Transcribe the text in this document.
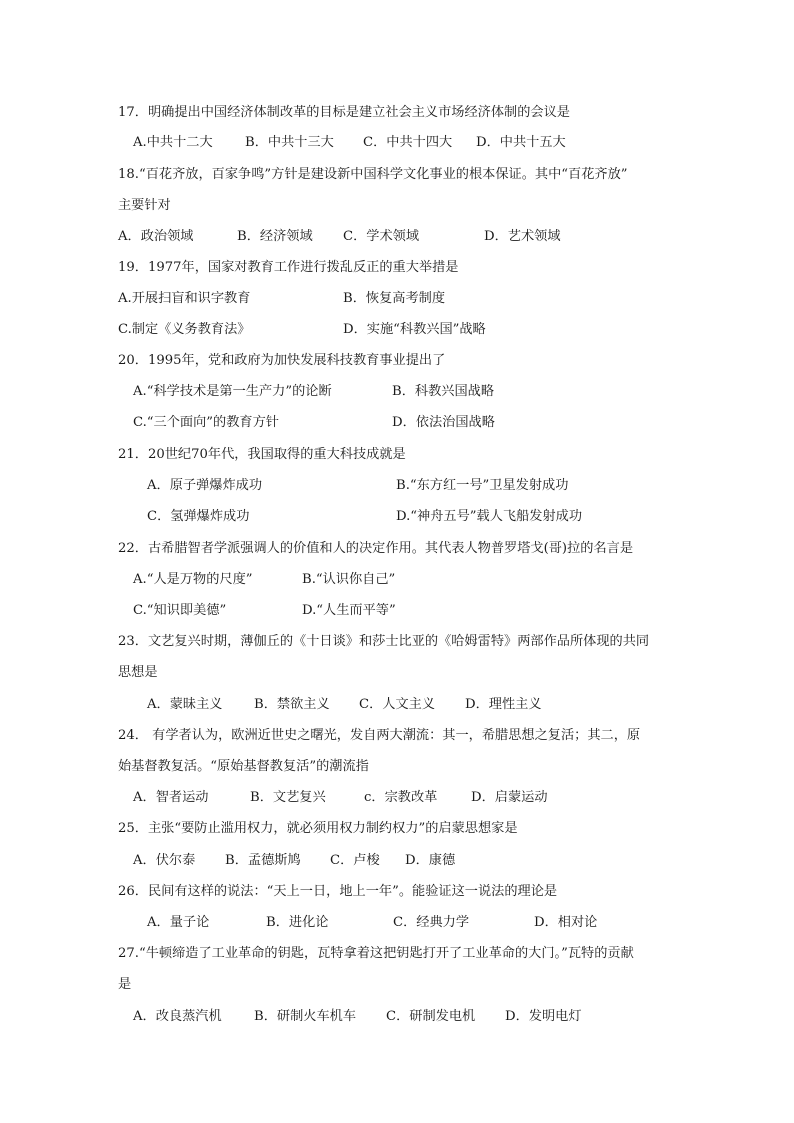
17．明确提出中国经济体制改革的目标是建立社会主义市场经济体制的会议是
A.中共十二大 B．中共十三大 C．中共十四大 D．中共十五大
18.“百花齐放，百家争鸣”方针是建设新中国科学文化事业的根本保证。其中“百花齐放”
主要针对
A．政治领域	B．经济领域 C．学术领域	D．艺术领域
19．1977年，国家对教育工作进行拨乱反正的重大举措是
A.开展扫盲和识字教育	B．恢复高考制度
C.制定《义务教育法》	D．实施“科教兴国”战略
20．1995年，党和政府为加快发展科技教育事业提出了
A.“科学技术是第一生产力”的论断	B．科教兴国战略
C.“三个面向”的教育方针	D．依法治国战略
21．20世纪70年代，我国取得的重大科技成就是
A．原子弹爆炸成功	B.“东方红一号”卫星发射成功
C．氢弹爆炸成功	D.“神舟五号”载人飞船发射成功
22．古希腊智者学派强调人的价值和人的决定作用。其代表人物普罗塔戈(哥)拉的名言是
A.“人是万物的尺度”	B.“认识你自己”
C.“知识即美德”	D.“人生而平等”
23．文艺复兴时期，薄伽丘的《十日谈》和莎士比亚的《哈姆雷特》两部作品所体现的共同
思想是
A．蒙昧主义 B．禁欲主义 C．人文主义 D．理性主义
24． 有学者认为，欧洲近世史之曙光，发自两大潮流：其一，希腊思想之复活；其二，原
始基督教复活。“原始基督教复活”的潮流指
A．智者运动	B．文艺复兴	c．宗教改革	D．启蒙运动
25．主张“要防止滥用权力，就必须用权力制约权力”的启蒙思想家是
A．伏尔泰 B．孟德斯鸠 C．卢梭 D．康德
26．民间有这样的说法：“天上一日，地上一年”。能验证这一说法的理论是
A．量子论	B．进化论	C．经典力学	D．相对论
27.“牛顿缔造了工业革命的钥匙，瓦特拿着这把钥匙打开了工业革命的大门。”瓦特的贡献
是
A．改良蒸汽机 B．研制火车机车 C．研制发电机 D．发明电灯
